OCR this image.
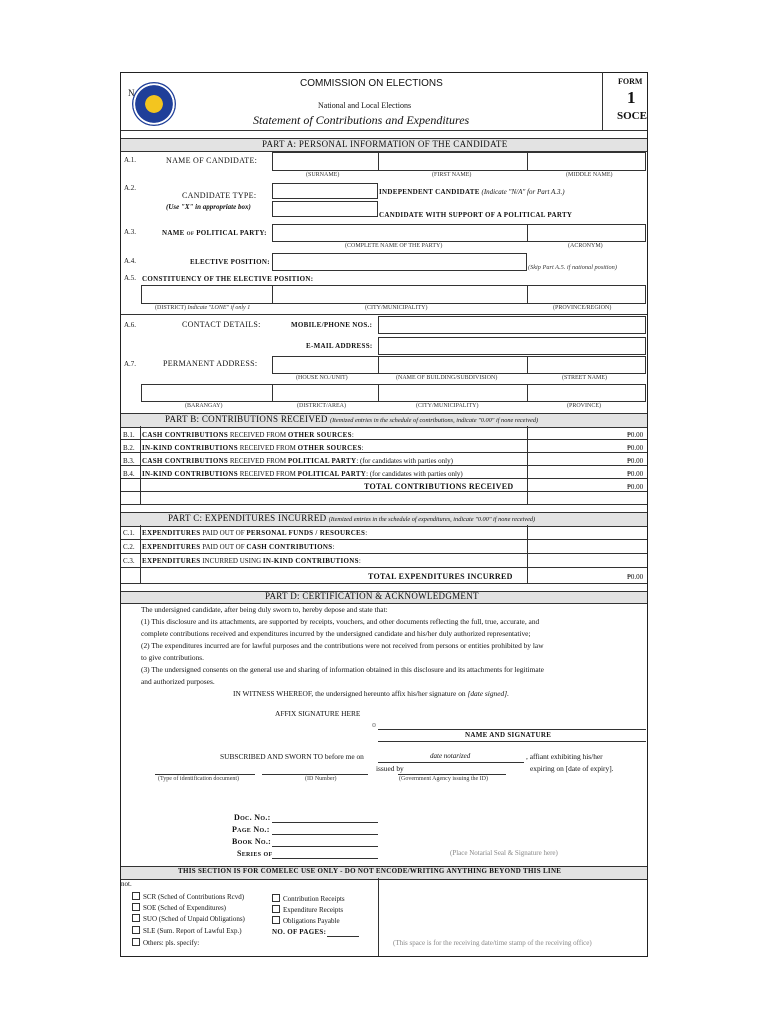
N
COMMISSION ON ELECTIONS
National and Local Elections
Statement of Contributions and Expenditures
FORM
1
SOCE
PART A: PERSONAL INFORMATION OF THE CANDIDATE
A.1.	NAME OF CANDIDATE:
(SURNAME)	(FIRST NAME)	(MIDDLE NAME)
A.2.
CANDIDATE TYPE:
(Use "X" in appropriate box)
INDEPENDENT CANDIDATE (Indicate "N/A" for Part A.3.)
CANDIDATE WITH SUPPORT OF A POLITICAL PARTY
A.3.	NAME of POLITICAL PARTY:
(COMPLETE NAME OF THE PARTY)	(ACRONYM)
A.4.	ELECTIVE POSITION:
(Skip Part A.5. if national position)
A.5. CONSTITUENCY OF THE ELECTIVE POSITION:
(DISTRICT) Indicate "LONE" if only 1	(CITY/MUNICIPALITY)	(PROVINCE/REGION)
A.6.	CONTACT DETAILS:	MOBILE/PHONE NOS.:
E-MAIL ADDRESS:
A.7.	PERMANENT ADDRESS:
(HOUSE NO./UNIT)	(NAME OF BUILDING/SUBDIVISION)	(STREET NAME)
(BARANGAY)	(DISTRICT/AREA)	(CITY/MUNICIPALITY)	(PROVINCE)
PART B: CONTRIBUTIONS RECEIVED (Itemized entries in the schedule of contributions, indicate "0.00" if none received)
B.1. CASH CONTRIBUTIONS RECEIVED FROM OTHER SOURCES:	₱0.00
B.2. IN-KIND CONTRIBUTIONS RECEIVED FROM OTHER SOURCES:	₱0.00
B.3. CASH CONTRIBUTIONS RECEIVED FROM POLITICAL PARTY: (for candidates with parties only)	₱0.00
B.4. IN-KIND CONTRIBUTIONS RECEIVED FROM POLITICAL PARTY: (for candidates with parties only)	₱0.00
TOTAL CONTRIBUTIONS RECEIVED	₱0.00
PART C: EXPENDITURES INCURRED (Itemized entries in the schedule of expenditures, indicate "0.00" if none received)
C.1. EXPENDITURES PAID OUT OF PERSONAL FUNDS / RESOURCES:
C.2. EXPENDITURES PAID OUT OF CASH CONTRIBUTIONS:
C.3. EXPENDITURES INCURRED USING IN-KIND CONTRIBUTIONS:
TOTAL EXPENDITURES INCURRED	₱0.00
PART D: CERTIFICATION & ACKNOWLEDGMENT
The undersigned candidate, after being duly sworn to, hereby depose and state that:
(1) This disclosure and its attachments, are supported by receipts, vouchers, and other documents reflecting the full, true, accurate, and
complete contributions received and expenditures incurred by the undersigned candidate and his/her duly authorized representative;
(2) The expenditures incurred are for lawful purposes and the contributions were not received from persons or entities prohibited by law
to give contributions.
(3) The undersigned consents on the general use and sharing of information obtained in this disclosure and its attachments for legitimate
and authorized purposes.
IN WITNESS WHEREOF, the undersigned hereunto affix his/her signature on [date signed].
AFFIX SIGNATURE HERE
NAME AND SIGNATURE
SUBSCRIBED AND SWORN TO before me on	date notarized	, affiant exhibiting his/her
issued by	expiring on [date of expiry].
(Type of identification document)	(ID Number)	(Government Agency issuing the ID)
Doc. No.:
Page No.:
Book No.:
Series of	(Place Notarial Seal & Signature here)
THIS SECTION IS FOR COMELEC USE ONLY - DO NOT ENCODE/WRITING ANYTHING BEYOND THIS LINE
not.
SCR (Sched of Contributions Rcvd)
SOE (Sched of Expenditures)
SUO (Sched of Unpaid Obligations)
SLE (Sum. Report of Lawful Exp.)
Others: pls. specify:
Contribution Receipts
Expenditure Receipts
Obligations Payable
NO. OF PAGES:
(This space is for the receiving date/time stamp of the receiving office)
